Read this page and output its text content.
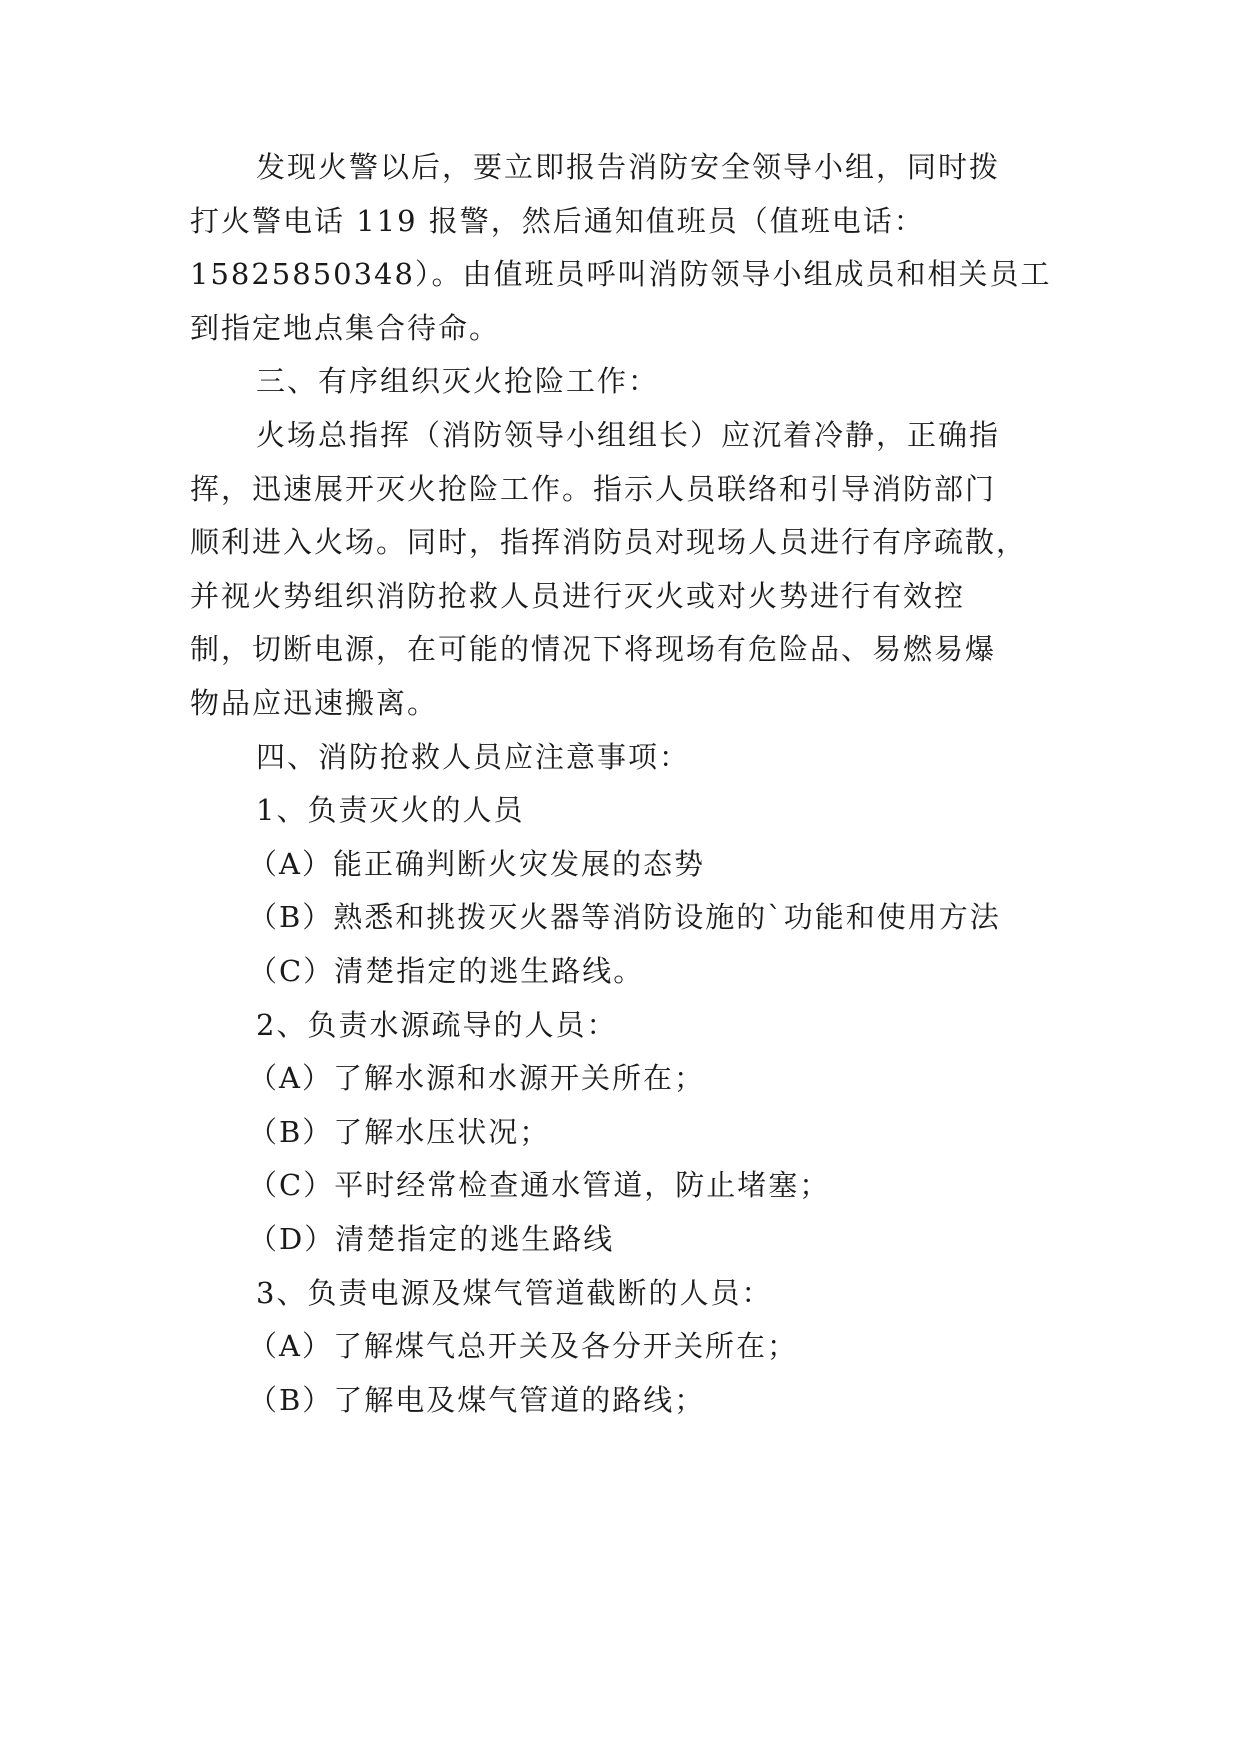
发现火警以后，要立即报告消防安全领导小组，同时拨
打火警电话 119 报警，然后通知值班员（值班电话：
15825850348）。由值班员呼叫消防领导小组成员和相关员工
到指定地点集合待命。
三、有序组织灭火抢险工作：
火场总指挥（消防领导小组组长）应沉着冷静，正确指
挥，迅速展开灭火抢险工作。指示人员联络和引导消防部门
顺利进入火场。同时，指挥消防员对现场人员进行有序疏散，
并视火势组织消防抢救人员进行灭火或对火势进行有效控
制，切断电源，在可能的情况下将现场有危险品、易燃易爆
物品应迅速搬离。
四、消防抢救人员应注意事项：
1、负责灭火的人员
（A）能正确判断火灾发展的态势
（B）熟悉和挑拨灭火器等消防设施的`功能和使用方法
（C）清楚指定的逃生路线。
2、负责水源疏导的人员：
（A）了解水源和水源开关所在；
（B）了解水压状况；
（C）平时经常检查通水管道，防止堵塞；
（D）清楚指定的逃生路线
3、负责电源及煤气管道截断的人员：
（A）了解煤气总开关及各分开关所在；
（B）了解电及煤气管道的路线；
